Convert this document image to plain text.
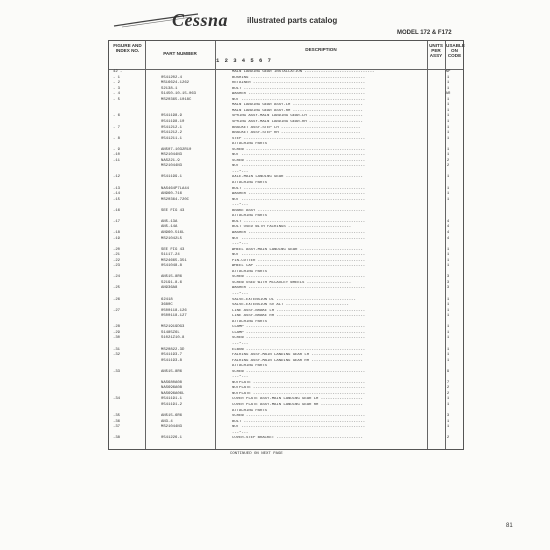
Cessna illustrated parts catalog
MODEL 172 & F172
FIGURE AND INDEX NO.
PART NUMBER
DESCRIPTION
1 2 3 4 5 6 7
UNITS PER ASSY
USABLE ON CODE
42 -	MAIN LANDING GEAR INSTALLATION ------------------------------	NP
- 1	0541202-4	BUSHING -------------------------------------------------	1
- 2	MS16624-1262	RETAINER ------------------------------------------------	1
- 3	S2138-1	BOLT ----------------------------------------------------	1
- 4	S1450-10-15-063	WASHER --------------------------------------------------	AR
- 5	MS20365-1018C	NUT -----------------------------------------------------	1
MAIN LANDING GEAR ASSY-LH ------------------------------	1
MAIN LANDING GEAR ASSY-RH ------------------------------	1
- 6	0541198-9	SPRING ASSY-MAIN LANDING GEAR-LH -----------------------	1
0541198-10	SPRING ASSY-MAIN LANDING GEAR-RH -----------------------	1
- 7	0541212-1	BRACKET ASSY-STEP LH ----------------------------------	1
0541212-2	BRACKET ASSY-STEP RH ----------------------------------	1
- 8	0541211-1	STEP ----------------------------------------------------	1
ATTACHING PARTS
- 9	AN507-1032R10	SCREW ---------------------------------------------------	1
-10	MS21044N3	NUT -----------------------------------------------------	1
-11	NAS221-9	SCREW ---------------------------------------------------	2
MS21044N3	NUT -----------------------------------------------------	2
---*---
-12	0541199-1	AXLE-MAIN LANDING GEAR ---------------------------------	1
ATTACHING PARTS
-13	NAS464P7LA44	BOLT ----------------------------------------------------	1
-14	AN960-716	WASHER --------------------------------------------------	1
-15	MS20364-720C	NUT -----------------------------------------------------	1
---*---
-16	SEE FIG 43	BRAKE ASSY ----------------------------------------------
ATTACHING PARTS
-17	AN5-13A	BOLT ----------------------------------------------------	4
AN5-14A	BOLT USED WITH FAIRINGS ---------------------------	4
-18	AN960-516L	WASHER --------------------------------------------------	4
-19	MS21042L5	NUT -----------------------------------------------------	4
---*---
-20	SEE FIG 43	WHEEL ASSY-MAIN LANDING GEAR ---------------------------	1
-21	S1117-24	NUT -----------------------------------------------------	1
-22	MS24665-351	PIN-COTTER ----------------------------------------------	1
-23	0541048-8	WHEEL CAP -----------------------------------------------	1
ATTACHING PARTS
-24	AN515-8R6	SCREW ---------------------------------------------------	3
S2191-8-6	SCREW USED WITH MCCAULEY WHEELS -------------------	3
-25	AN936A8	WASHER --------------------------------------------------	3
---*---
-26	62418	VALVE-EXTENSION DL ----------------------------------	1
3680C	VALVE-EXTENSION SV ALT ---------------------------	1
-27	0500118-126	LINE ASSY-BRAKE LH --------------------------------------	1
0500118-127	LINE ASSY-BRAKE RH --------------------------------------	1
ATTACHING PARTS
-28	MS21919DG3	CLAMP ---------------------------------------------------	1
-29	S1485Z6L	CLAMP ---------------------------------------------------	1
-30	S1021Z10-8	SCREW ---------------------------------------------------	1
---*---
-31	MS20822-3D	ELBOW ---------------------------------------------------	1
-32	0541193-7	FAIRING ASSY-MAIN LANDING GEAR LH ----------------------	1
0541193-8	FAIRING ASSY-MAIN LANDING GEAR RH ----------------------	1
ATTACHING PARTS
-33	AN515-8R6	SCREW ---------------------------------------------------	9
---*---
NAS680A08	NUTPLATE ------------------------------------------------	7
NAS696A08	NUTPLATE ------------------------------------------------	2
NAS696A06L	NUTPLATE ------------------------------------------------	2
-34	0541191-1	COVER PLATE ASSY-MAIN LANDING GEAR LH ------------------	1
0541191-2	COVER PLATE ASSY-MAIN LANDING GEAR RH ------------------	1
ATTACHING PARTS
-35	AN515-6R6	SCREW ---------------------------------------------------	3
-36	AN3-4	BOLT ----------------------------------------------------	1
-37	MS21044N3	NUT -----------------------------------------------------	1
---*---
-38	0541226-1	COVER-STEP BRACKET -------------------------------------	2
CONTINUED ON NEXT PAGE
81
